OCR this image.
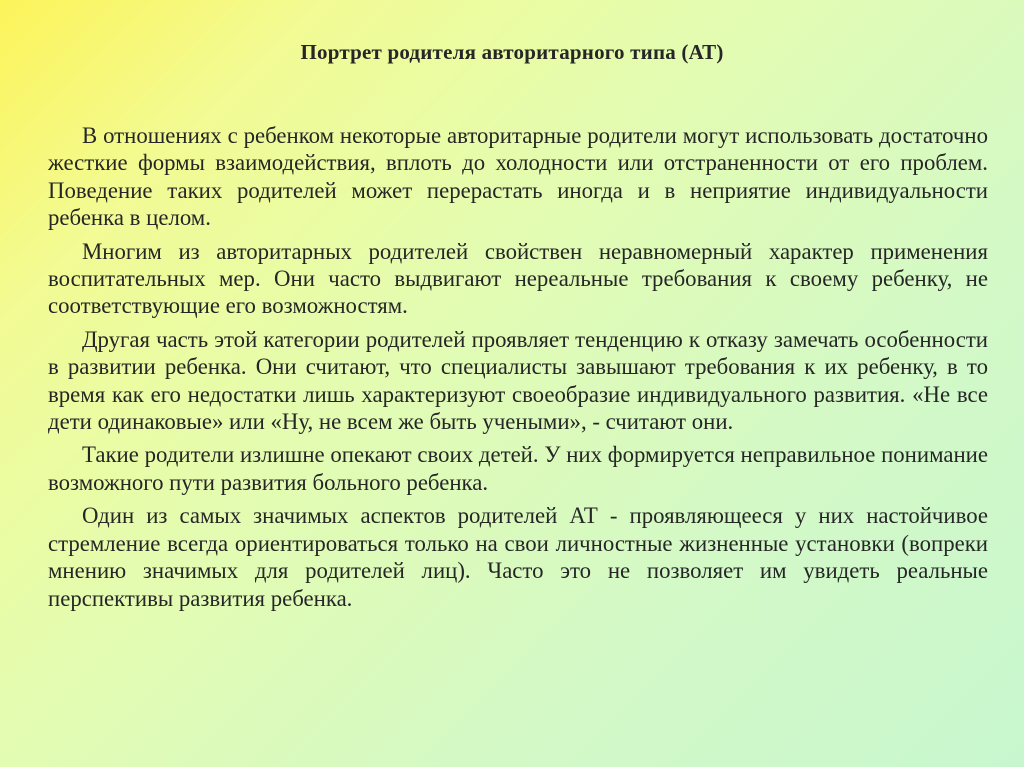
Портрет родителя авторитарного типа (АТ)

В отношениях с ребенком некоторые авторитарные родители могут использовать достаточно жесткие формы взаимодействия, вплоть до холодности или отстраненности от его проблем. Поведение таких родителей может перерастать иногда и в неприятие индивидуальности ребенка в целом.

Многим из авторитарных родителей свойствен неравномерный характер применения воспитательных мер. Они часто выдвигают нереальные требования к своему ребенку, не соответствующие его возможностям.

Другая часть этой категории родителей проявляет тенденцию к отказу замечать особенности в развитии ребенка. Они считают, что специалисты завышают требования к их ребенку, в то время как его недостатки лишь характеризуют своеобразие индивидуального развития. «Не все дети одинаковые» или «Ну, не всем же быть учеными», - считают они.

Такие родители излишне опекают своих детей. У них формируется неправильное понимание возможного пути развития больного ребенка.

Один из самых значимых аспектов родителей АТ - проявляющееся у них настойчивое стремление всегда ориентироваться только на свои личностные жизненные установки (вопреки мнению значимых для родителей лиц). Часто это не позволяет им увидеть реальные перспективы развития ребенка.
